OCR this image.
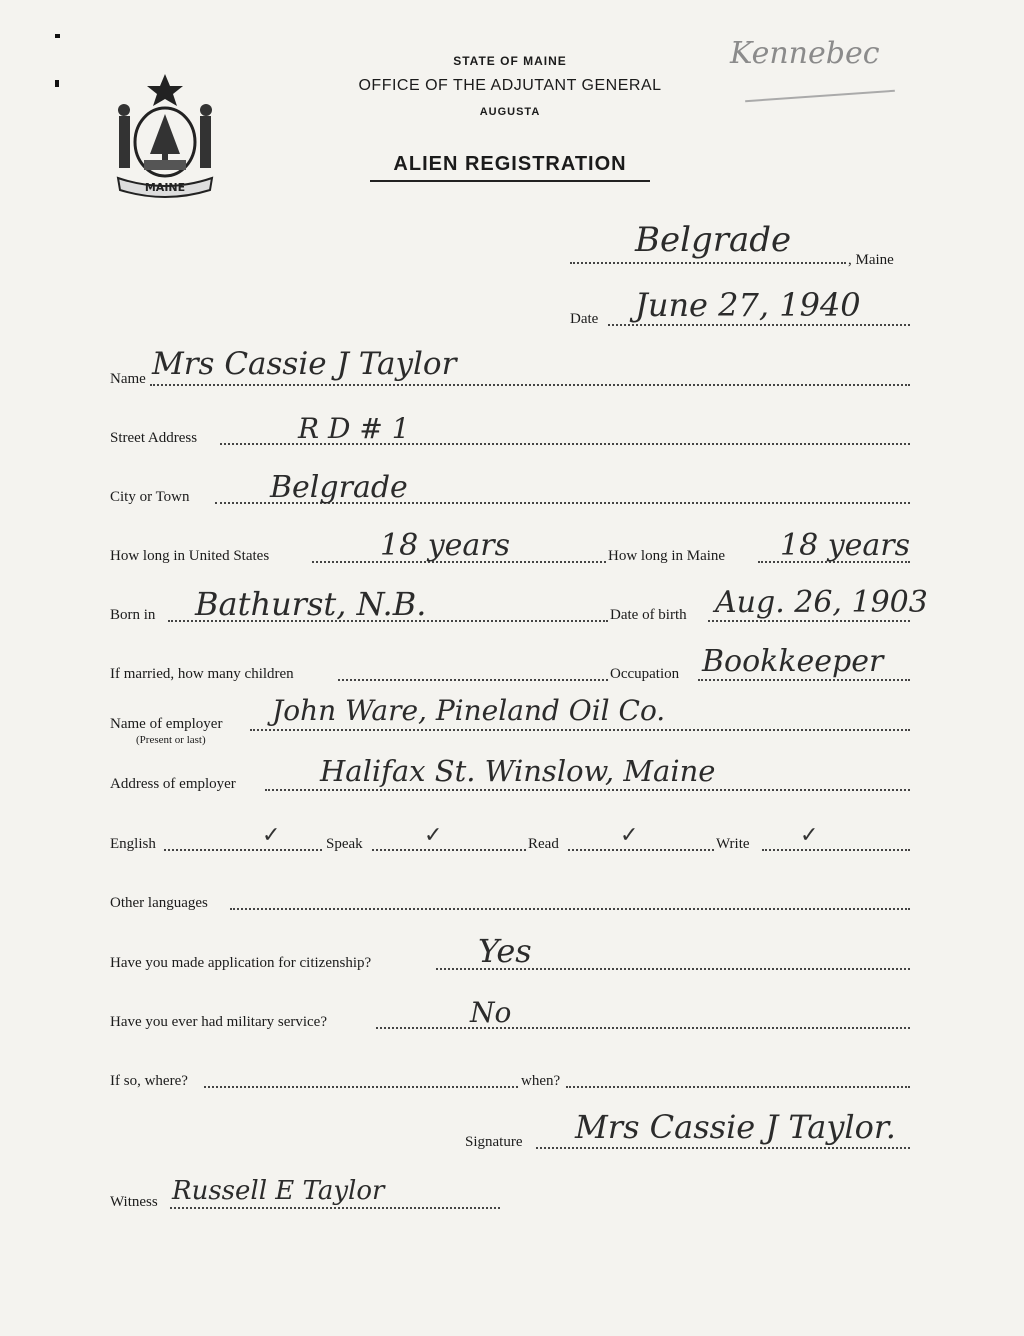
MAINE
STATE OF MAINE
OFFICE OF THE ADJUTANT GENERAL
AUGUSTA
ALIEN REGISTRATION
Kennebec
Belgrade	, Maine
Date June 27, 1940
Name Mrs Cassie J Taylor
Street Address	R D # 1
City or Town	Belgrade
How long in United States	18 years	How long in Maine 18 years
Born in Bathurst, N.B.	Date of birth Aug. 26, 1903
If married, how many children	Occupation Bookkeeper
Name of employer
(Present or last)
John Ware, Pineland Oil Co.
Address of employer	Halifax St. Winslow, Maine
English	✓	Speak	✓	Read	✓	Write ✓
Other languages
Have you made application for citizenship?	Yes
Have you ever had military service?	No
If so, where?	when?
Signature Mrs Cassie J Taylor.
Witness Russell E Taylor
